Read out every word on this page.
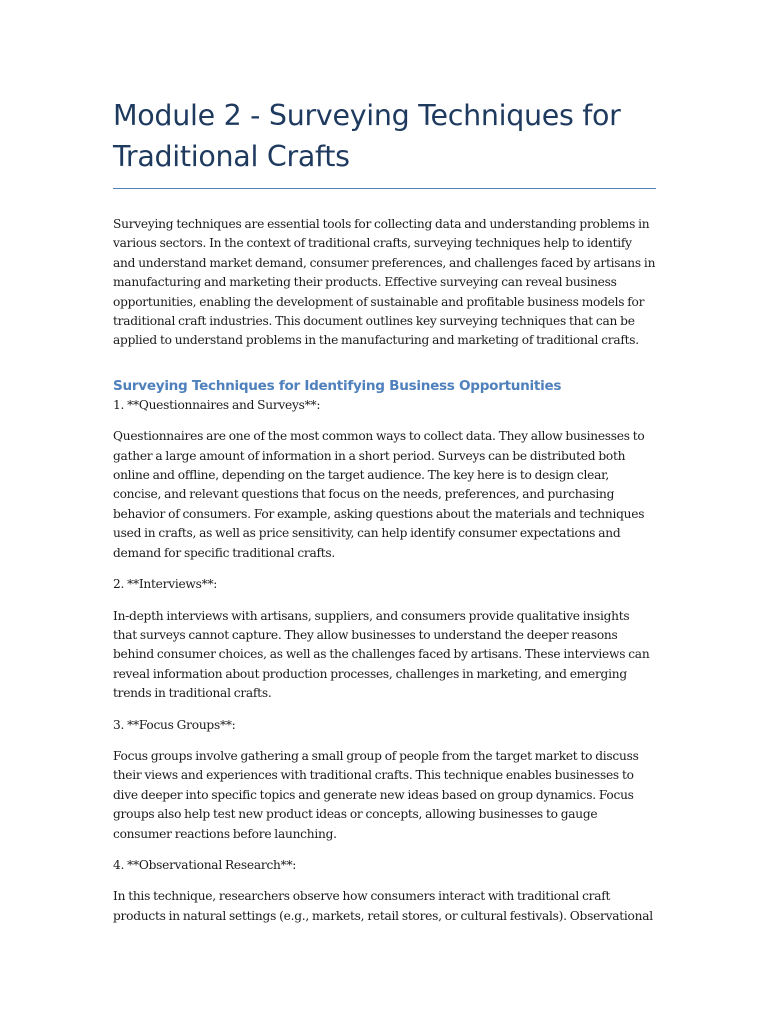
Module 2 - Surveying Techniques for
Traditional Crafts

Surveying techniques are essential tools for collecting data and understanding problems in
various sectors. In the context of traditional crafts, surveying techniques help to identify
and understand market demand, consumer preferences, and challenges faced by artisans in
manufacturing and marketing their products. Effective surveying can reveal business
opportunities, enabling the development of sustainable and profitable business models for
traditional craft industries. This document outlines key surveying techniques that can be
applied to understand problems in the manufacturing and marketing of traditional crafts.

Surveying Techniques for Identifying Business Opportunities

1. **Questionnaires and Surveys**:

Questionnaires are one of the most common ways to collect data. They allow businesses to
gather a large amount of information in a short period. Surveys can be distributed both
online and offline, depending on the target audience. The key here is to design clear,
concise, and relevant questions that focus on the needs, preferences, and purchasing
behavior of consumers. For example, asking questions about the materials and techniques
used in crafts, as well as price sensitivity, can help identify consumer expectations and
demand for specific traditional crafts.

2. **Interviews**:

In-depth interviews with artisans, suppliers, and consumers provide qualitative insights
that surveys cannot capture. They allow businesses to understand the deeper reasons
behind consumer choices, as well as the challenges faced by artisans. These interviews can
reveal information about production processes, challenges in marketing, and emerging
trends in traditional crafts.

3. **Focus Groups**:

Focus groups involve gathering a small group of people from the target market to discuss
their views and experiences with traditional crafts. This technique enables businesses to
dive deeper into specific topics and generate new ideas based on group dynamics. Focus
groups also help test new product ideas or concepts, allowing businesses to gauge
consumer reactions before launching.

4. **Observational Research**:

In this technique, researchers observe how consumers interact with traditional craft
products in natural settings (e.g., markets, retail stores, or cultural festivals). Observational
